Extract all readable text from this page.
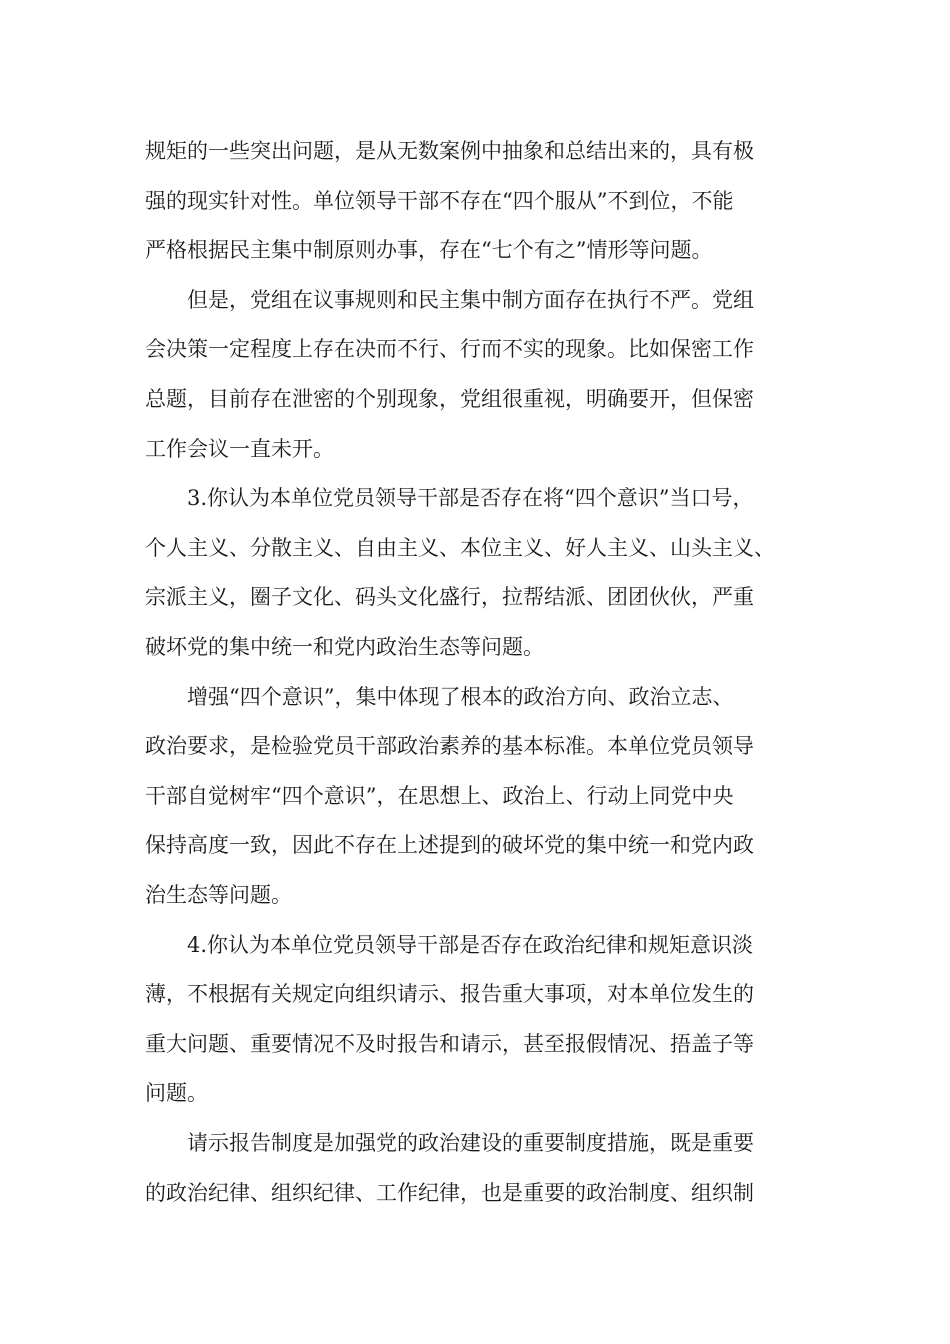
规矩的一些突出问题，是从无数案例中抽象和总结出来的，具有极
强的现实针对性。单位领导干部不存在“四个服从”不到位，不能
严格根据民主集中制原则办事，存在“七个有之”情形等问题。
但是，党组在议事规则和民主集中制方面存在执行不严。党组
会决策一定程度上存在决而不行、行而不实的现象。比如保密工作
总题，目前存在泄密的个别现象，党组很重视，明确要开，但保密
工作会议一直未开。
3.你认为本单位党员领导干部是否存在将“四个意识”当口号，
个人主义、分散主义、自由主义、本位主义、好人主义、山头主义、
宗派主义，圈子文化、码头文化盛行，拉帮结派、团团伙伙，严重
破坏党的集中统一和党内政治生态等问题。
增强“四个意识”，集中体现了根本的政治方向、政治立志、
政治要求，是检验党员干部政治素养的基本标准。本单位党员领导
干部自觉树牢“四个意识”，在思想上、政治上、行动上同党中央
保持高度一致，因此不存在上述提到的破坏党的集中统一和党内政
治生态等问题。
4.你认为本单位党员领导干部是否存在政治纪律和规矩意识淡
薄，不根据有关规定向组织请示、报告重大事项，对本单位发生的
重大问题、重要情况不及时报告和请示，甚至报假情况、捂盖子等
问题。
请示报告制度是加强党的政治建设的重要制度措施，既是重要
的政治纪律、组织纪律、工作纪律，也是重要的政治制度、组织制
